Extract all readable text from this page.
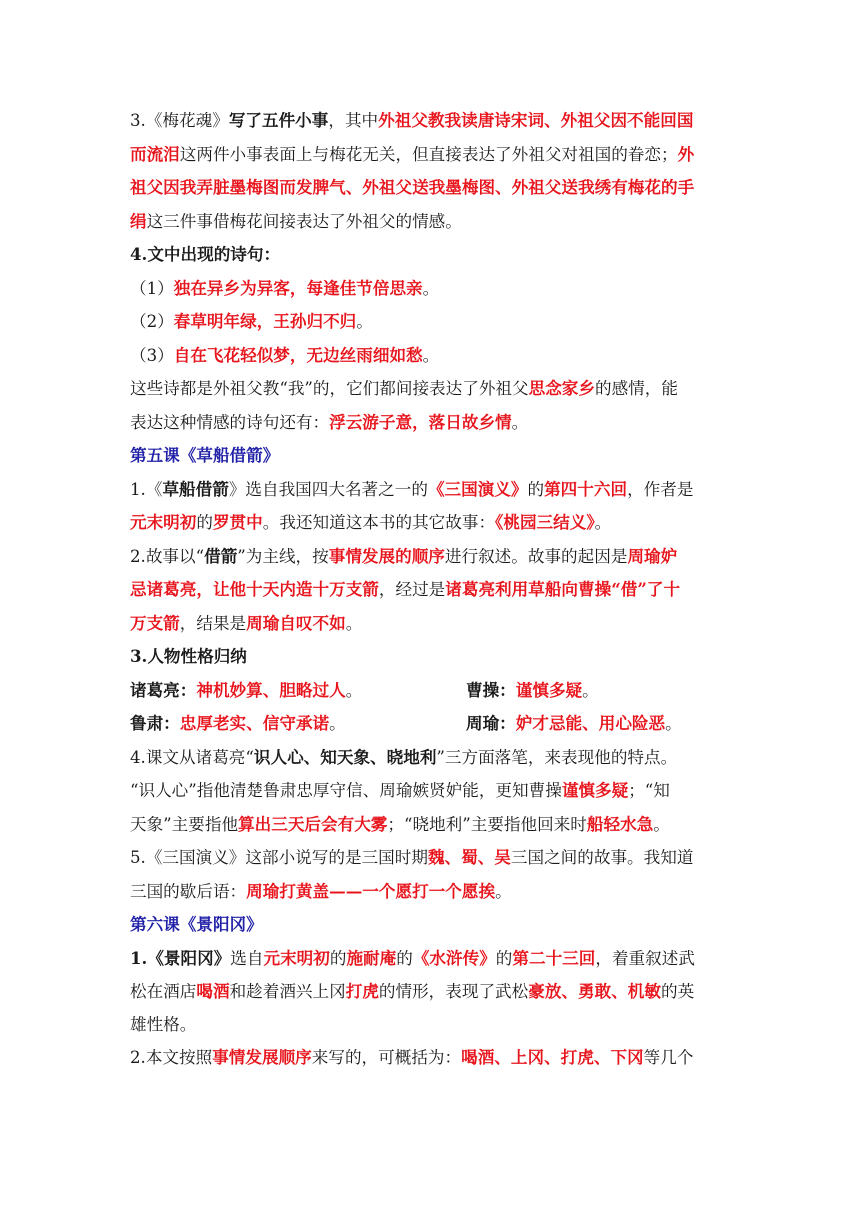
3.《梅花魂》写了五件小事，其中外祖父教我读唐诗宋词、外祖父因不能回国

而流泪这两件小事表面上与梅花无关，但直接表达了外祖父对祖国的眷恋；外

祖父因我弄脏墨梅图而发脾气、外祖父送我墨梅图、外祖父送我绣有梅花的手

绢这三件事借梅花间接表达了外祖父的情感。

4.文中出现的诗句：

（1）独在异乡为异客，每逢佳节倍思亲。

（2）春草明年绿，王孙归不归。

（3）自在飞花轻似梦，无边丝雨细如愁。

这些诗都是外祖父教“我”的，它们都间接表达了外祖父思念家乡的感情，能

表达这种情感的诗句还有：浮云游子意，落日故乡情。

第五课《草船借箭》

1.《草船借箭》选自我国四大名著之一的《三国演义》的第四十六回，作者是

元末明初的罗贯中。我还知道这本书的其它故事：《桃园三结义》。

2.故事以“借箭”为主线，按事情发展的顺序进行叙述。故事的起因是周瑜妒

忌诸葛亮，让他十天内造十万支箭，经过是诸葛亮利用草船向曹操“借”了十

万支箭，结果是周瑜自叹不如。

3.人物性格归纳

诸葛亮：神机妙算、胆略过人。	曹操：谨慎多疑。

鲁肃：忠厚老实、信守承诺。	周瑜：妒才忌能、用心险恶。

4.课文从诸葛亮“识人心、知天象、晓地利”三方面落笔，来表现他的特点。

“识人心”指他清楚鲁肃忠厚守信、周瑜嫉贤妒能，更知曹操谨慎多疑；“知

天象”主要指他算出三天后会有大雾；“晓地利”主要指他回来时船轻水急。

5.《三国演义》这部小说写的是三国时期魏、蜀、吴三国之间的故事。我知道

三国的歇后语：周瑜打黄盖——一个愿打一个愿挨。

第六课《景阳冈》

1.《景阳冈》选自元末明初的施耐庵的《水浒传》的第二十三回，着重叙述武

松在酒店喝酒和趁着酒兴上冈打虎的情形，表现了武松豪放、勇敢、机敏的英

雄性格。

2.本文按照事情发展顺序来写的，可概括为：喝酒、上冈、打虎、下冈等几个
